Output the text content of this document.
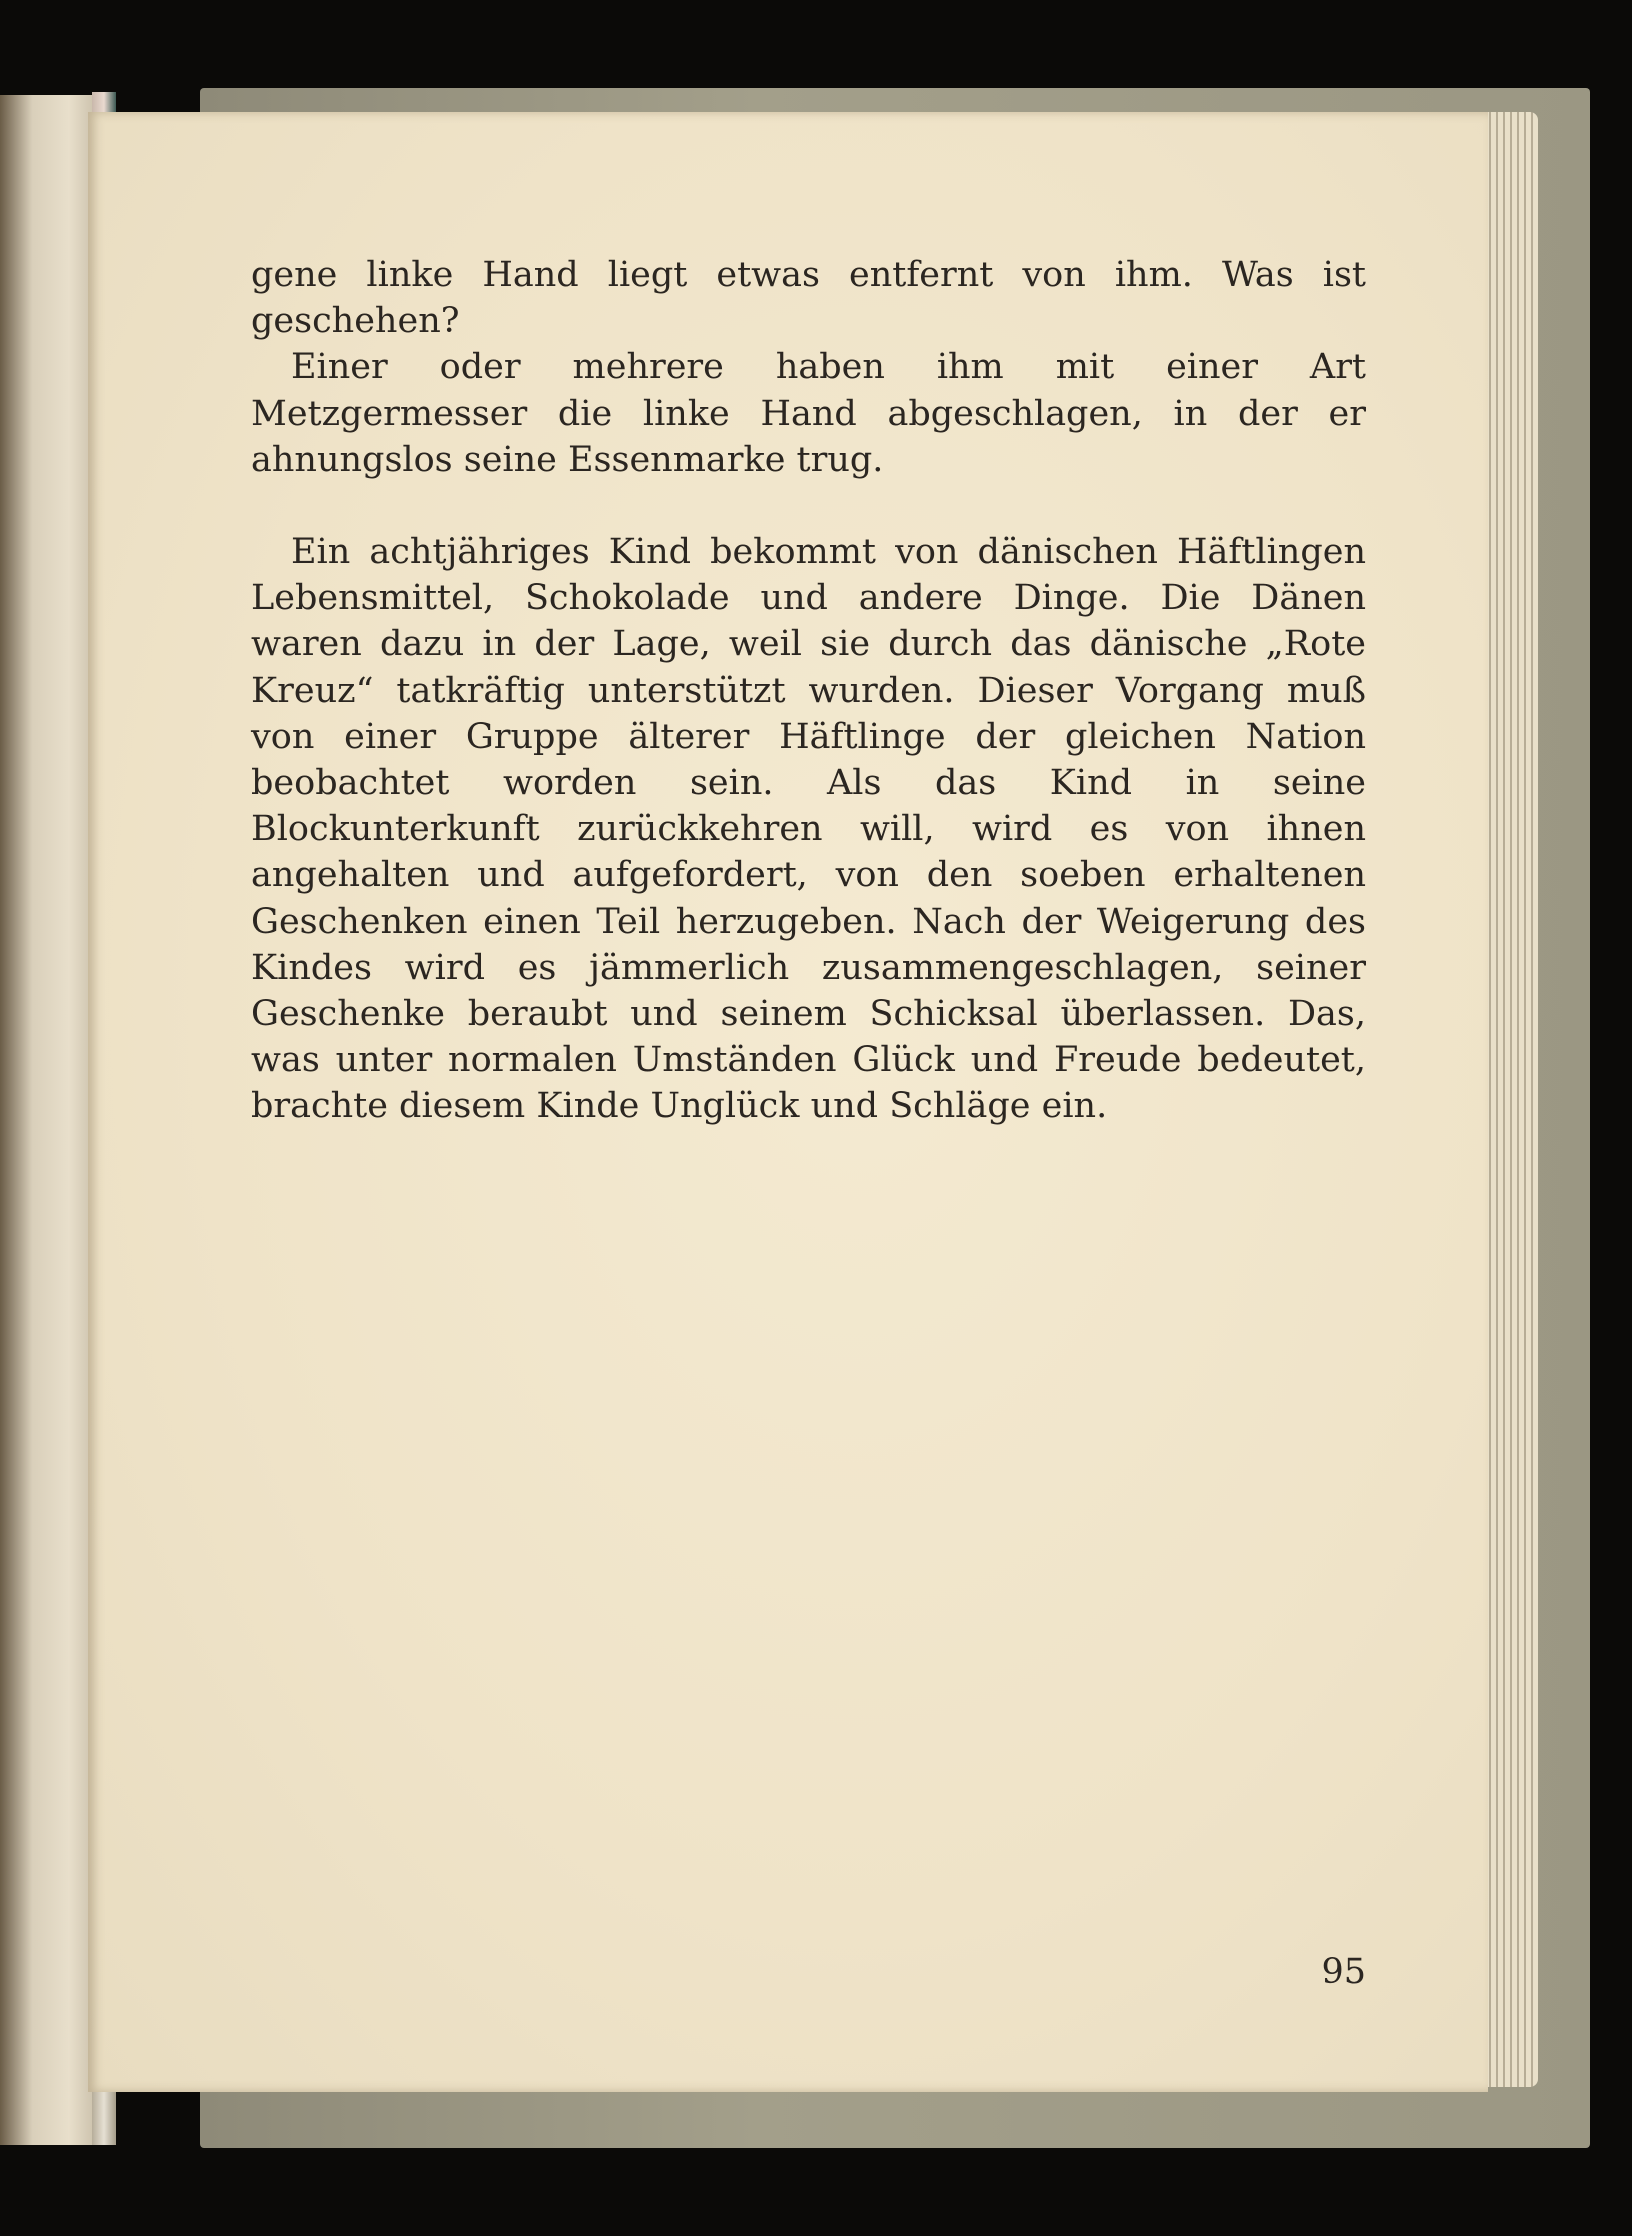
gene linke Hand liegt etwas entfernt von ihm. Was ist geschehen?

Einer oder mehrere haben ihm mit einer Art Metzgermesser die linke Hand abgeschlagen, in der er ahnungslos seine Essenmarke trug.

Ein achtjähriges Kind bekommt von dänischen Häftlingen Lebensmittel, Schokolade und andere Dinge. Die Dänen waren dazu in der Lage, weil sie durch das dänische „Rote Kreuz“ tatkräftig unterstützt wurden. Dieser Vorgang muß von einer Gruppe älterer Häftlinge der gleichen Nation beobachtet worden sein. Als das Kind in seine Blockunterkunft zurückkehren will, wird es von ihnen angehalten und aufgefordert, von den soeben erhaltenen Geschenken einen Teil herzugeben. Nach der Weigerung des Kindes wird es jämmerlich zusammengeschlagen, seiner Geschenke beraubt und seinem Schicksal überlassen. Das, was unter normalen Umständen Glück und Freude bedeutet, brachte diesem Kinde Unglück und Schläge ein.

95
